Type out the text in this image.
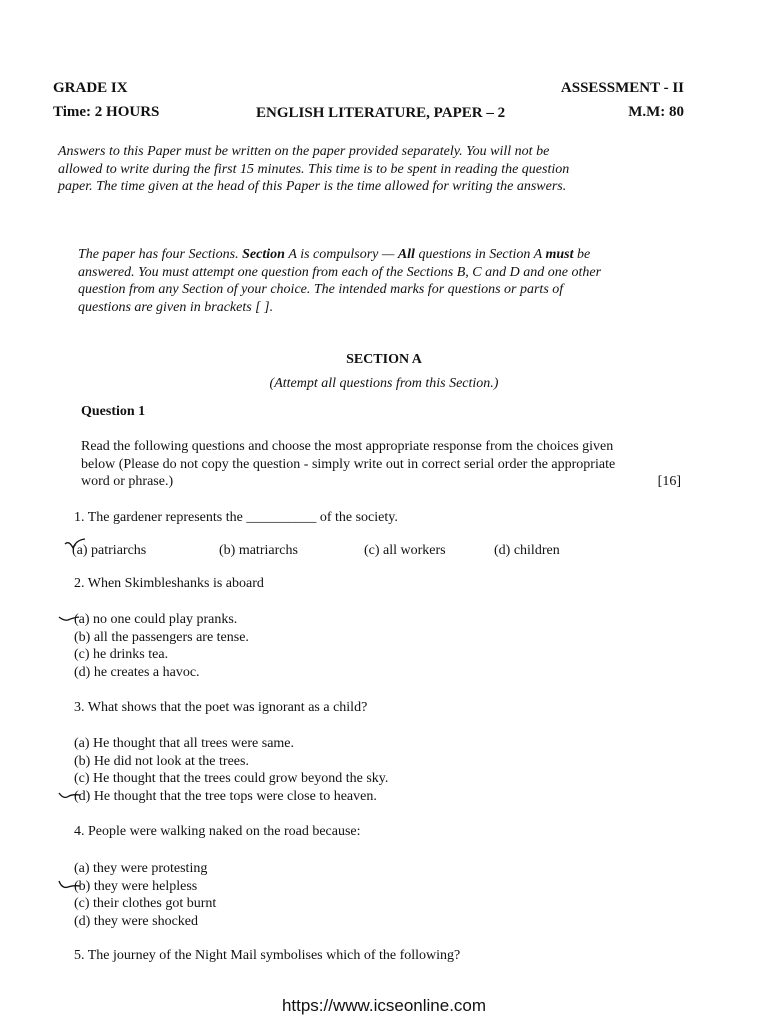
GRADE IX	ASSESSMENT - II
Time: 2 HOURS	ENGLISH LITERATURE, PAPER – 2	M.M: 80
Answers to this Paper must be written on the paper provided separately. You will not be
allowed to write during the first 15 minutes. This time is to be spent in reading the question
paper. The time given at the head of this Paper is the time allowed for writing the answers.
The paper has four Sections. Section A is compulsory — All questions in Section A must be
answered. You must attempt one question from each of the Sections B, C and D and one other
question from any Section of your choice. The intended marks for questions or parts of
questions are given in brackets [ ].
SECTION A
(Attempt all questions from this Section.)
Question 1
Read the following questions and choose the most appropriate response from the choices given
below (Please do not copy the question - simply write out in correct serial order the appropriate
word or phrase.)	[16]
1. The gardener represents the __________ of the society.
(a) patriarchs	(b) matriarchs	(c) all workers	(d) children
2. When Skimbleshanks is aboard
(a) no one could play pranks.
(b) all the passengers are tense.
(c) he drinks tea.
(d) he creates a havoc.
3. What shows that the poet was ignorant as a child?
(a) He thought that all trees were same.
(b) He did not look at the trees.
(c) He thought that the trees could grow beyond the sky.
(d) He thought that the tree tops were close to heaven.
4. People were walking naked on the road because:
(a) they were protesting
(b) they were helpless
(c) their clothes got burnt
(d) they were shocked
5. The journey of the Night Mail symbolises which of the following?
https://www.icseonline.com
